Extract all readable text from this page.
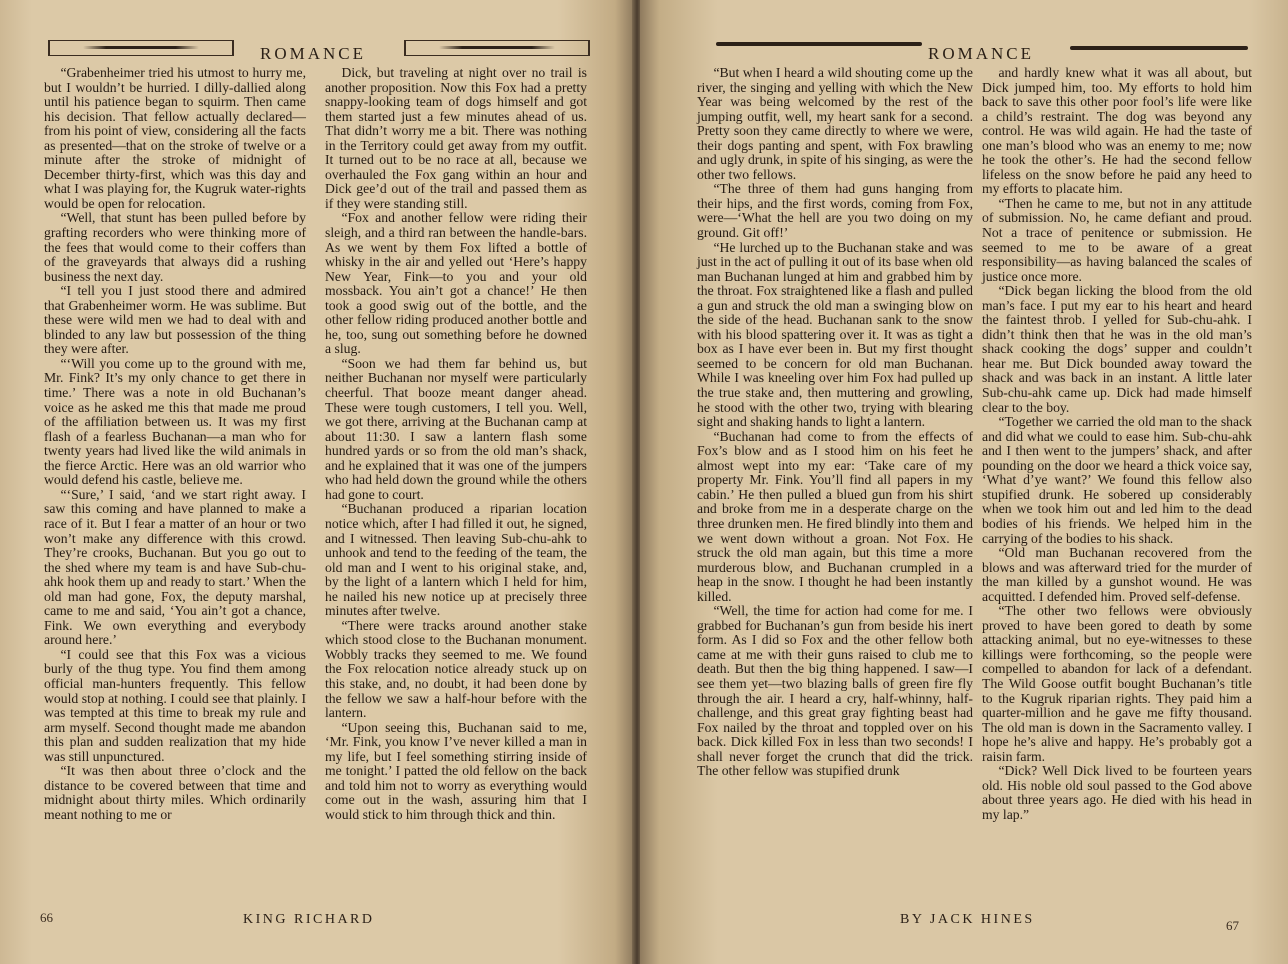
ROMANCE

“Grabenheimer tried his utmost to hurry me, but I wouldn’t be hurried. I dilly-dallied along until his patience began to squirm. Then came his decision. That fellow actually declared—from his point of view, considering all the facts as presented—that on the stroke of twelve or a minute after the stroke of midnight of December thirty-first, which was this day and what I was playing for, the Kugruk water-rights would be open for relocation.

“Well, that stunt has been pulled before by grafting recorders who were thinking more of the fees that would come to their coffers than of the graveyards that always did a rushing business the next day.

“I tell you I just stood there and admired that Grabenheimer worm. He was sublime. But these were wild men we had to deal with and blinded to any law but possession of the thing they were after.

“‘Will you come up to the ground with me, Mr. Fink? It’s my only chance to get there in time.’ There was a note in old Buchanan’s voice as he asked me this that made me proud of the affiliation between us. It was my first flash of a fearless Buchanan—a man who for twenty years had lived like the wild animals in the fierce Arctic. Here was an old warrior who would defend his castle, believe me.

“‘Sure,’ I said, ‘and we start right away. I saw this coming and have planned to make a race of it. But I fear a matter of an hour or two won’t make any difference with this crowd. They’re crooks, Buchanan. But you go out to the shed where my team is and have Sub-chu-ahk hook them up and ready to start.’ When the old man had gone, Fox, the deputy marshal, came to me and said, ‘You ain’t got a chance, Fink. We own everything and everybody around here.’

“I could see that this Fox was a vicious burly of the thug type. You find them among official man-hunters frequently. This fellow would stop at nothing. I could see that plainly. I was tempted at this time to break my rule and arm myself. Second thought made me abandon this plan and sudden realization that my hide was still unpunctured.

“It was then about three o’clock and the distance to be covered between that time and midnight about thirty miles. Which ordinarily meant nothing to me or

Dick, but traveling at night over no trail is another proposition. Now this Fox had a pretty snappy-looking team of dogs himself and got them started just a few minutes ahead of us. That didn’t worry me a bit. There was nothing in the Territory could get away from my outfit. It turned out to be no race at all, because we overhauled the Fox gang within an hour and Dick gee’d out of the trail and passed them as if they were standing still.

“Fox and another fellow were riding their sleigh, and a third ran between the handle-bars. As we went by them Fox lifted a bottle of whisky in the air and yelled out ‘Here’s happy New Year, Fink—to you and your old mossback. You ain’t got a chance!’ He then took a good swig out of the bottle, and the other fellow riding produced another bottle and he, too, sung out something before he downed a slug.

“Soon we had them far behind us, but neither Buchanan nor myself were particularly cheerful. That booze meant danger ahead. These were tough customers, I tell you. Well, we got there, arriving at the Buchanan camp at about 11:30. I saw a lantern flash some hundred yards or so from the old man’s shack, and he explained that it was one of the jumpers who had held down the ground while the others had gone to court.

“Buchanan produced a riparian location notice which, after I had filled it out, he signed, and I witnessed. Then leaving Sub-chu-ahk to unhook and tend to the feeding of the team, the old man and I went to his original stake, and, by the light of a lantern which I held for him, he nailed his new notice up at precisely three minutes after twelve.

“There were tracks around another stake which stood close to the Buchanan monument. Wobbly tracks they seemed to me. We found the Fox relocation notice already stuck up on this stake, and, no doubt, it had been done by the fellow we saw a half-hour before with the lantern.

“Upon seeing this, Buchanan said to me, ‘Mr. Fink, you know I’ve never killed a man in my life, but I feel something stirring inside of me tonight.’ I patted the old fellow on the back and told him not to worry as everything would come out in the wash, assuring him that I would stick to him through thick and thin.

66	KING RICHARD
ROMANCE

“But when I heard a wild shouting come up the river, the singing and yelling with which the New Year was being welcomed by the rest of the jumping outfit, well, my heart sank for a second. Pretty soon they came directly to where we were, their dogs panting and spent, with Fox brawling and ugly drunk, in spite of his singing, as were the other two fellows.

“The three of them had guns hanging from their hips, and the first words, coming from Fox, were—‘What the hell are you two doing on my ground. Git off!’

“He lurched up to the Buchanan stake and was just in the act of pulling it out of its base when old man Buchanan lunged at him and grabbed him by the throat. Fox straightened like a flash and pulled a gun and struck the old man a swinging blow on the side of the head. Buchanan sank to the snow with his blood spattering over it. It was as tight a box as I have ever been in. But my first thought seemed to be concern for old man Buchanan. While I was kneeling over him Fox had pulled up the true stake and, then muttering and growling, he stood with the other two, trying with blearing sight and shaking hands to light a lantern.

“Buchanan had come to from the effects of Fox’s blow and as I stood him on his feet he almost wept into my ear: ‘Take care of my property Mr. Fink. You’ll find all papers in my cabin.’ He then pulled a blued gun from his shirt and broke from me in a desperate charge on the three drunken men. He fired blindly into them and we went down without a groan. Not Fox. He struck the old man again, but this time a more murderous blow, and Buchanan crumpled in a heap in the snow. I thought he had been instantly killed.

“Well, the time for action had come for me. I grabbed for Buchanan’s gun from beside his inert form. As I did so Fox and the other fellow both came at me with their guns raised to club me to death. But then the big thing happened. I saw—I see them yet—two blazing balls of green fire fly through the air. I heard a cry, half-whinny, half-challenge, and this great gray fighting beast had Fox nailed by the throat and toppled over on his back. Dick killed Fox in less than two seconds! I shall never forget the crunch that did the trick. The other fellow was stupified drunk

and hardly knew what it was all about, but Dick jumped him, too. My efforts to hold him back to save this other poor fool’s life were like a child’s restraint. The dog was beyond any control. He was wild again. He had the taste of one man’s blood who was an enemy to me; now he took the other’s. He had the second fellow lifeless on the snow before he paid any heed to my efforts to placate him.

“Then he came to me, but not in any attitude of submission. No, he came defiant and proud. Not a trace of penitence or submission. He seemed to me to be aware of a great responsibility—as having balanced the scales of justice once more.

“Dick began licking the blood from the old man’s face. I put my ear to his heart and heard the faintest throb. I yelled for Sub-chu-ahk. I didn’t think then that he was in the old man’s shack cooking the dogs’ supper and couldn’t hear me. But Dick bounded away toward the shack and was back in an instant. A little later Sub-chu-ahk came up. Dick had made himself clear to the boy.

“Together we carried the old man to the shack and did what we could to ease him. Sub-chu-ahk and I then went to the jumpers’ shack, and after pounding on the door we heard a thick voice say, ‘What d’ye want?’ We found this fellow also stupified drunk. He sobered up considerably when we took him out and led him to the dead bodies of his friends. We helped him in the carrying of the bodies to his shack.

“Old man Buchanan recovered from the blows and was afterward tried for the murder of the man killed by a gunshot wound. He was acquitted. I defended him. Proved self-defense.

“The other two fellows were obviously proved to have been gored to death by some attacking animal, but no eye-witnesses to these killings were forthcoming, so the people were compelled to abandon for lack of a defendant. The Wild Goose outfit bought Buchanan’s title to the Kugruk riparian rights. They paid him a quarter-million and he gave me fifty thousand. The old man is down in the Sacramento valley. I hope he’s alive and happy. He’s probably got a raisin farm.

“Dick? Well Dick lived to be fourteen years old. His noble old soul passed to the God above about three years ago. He died with his head in my lap.”

BY JACK HINES	67
